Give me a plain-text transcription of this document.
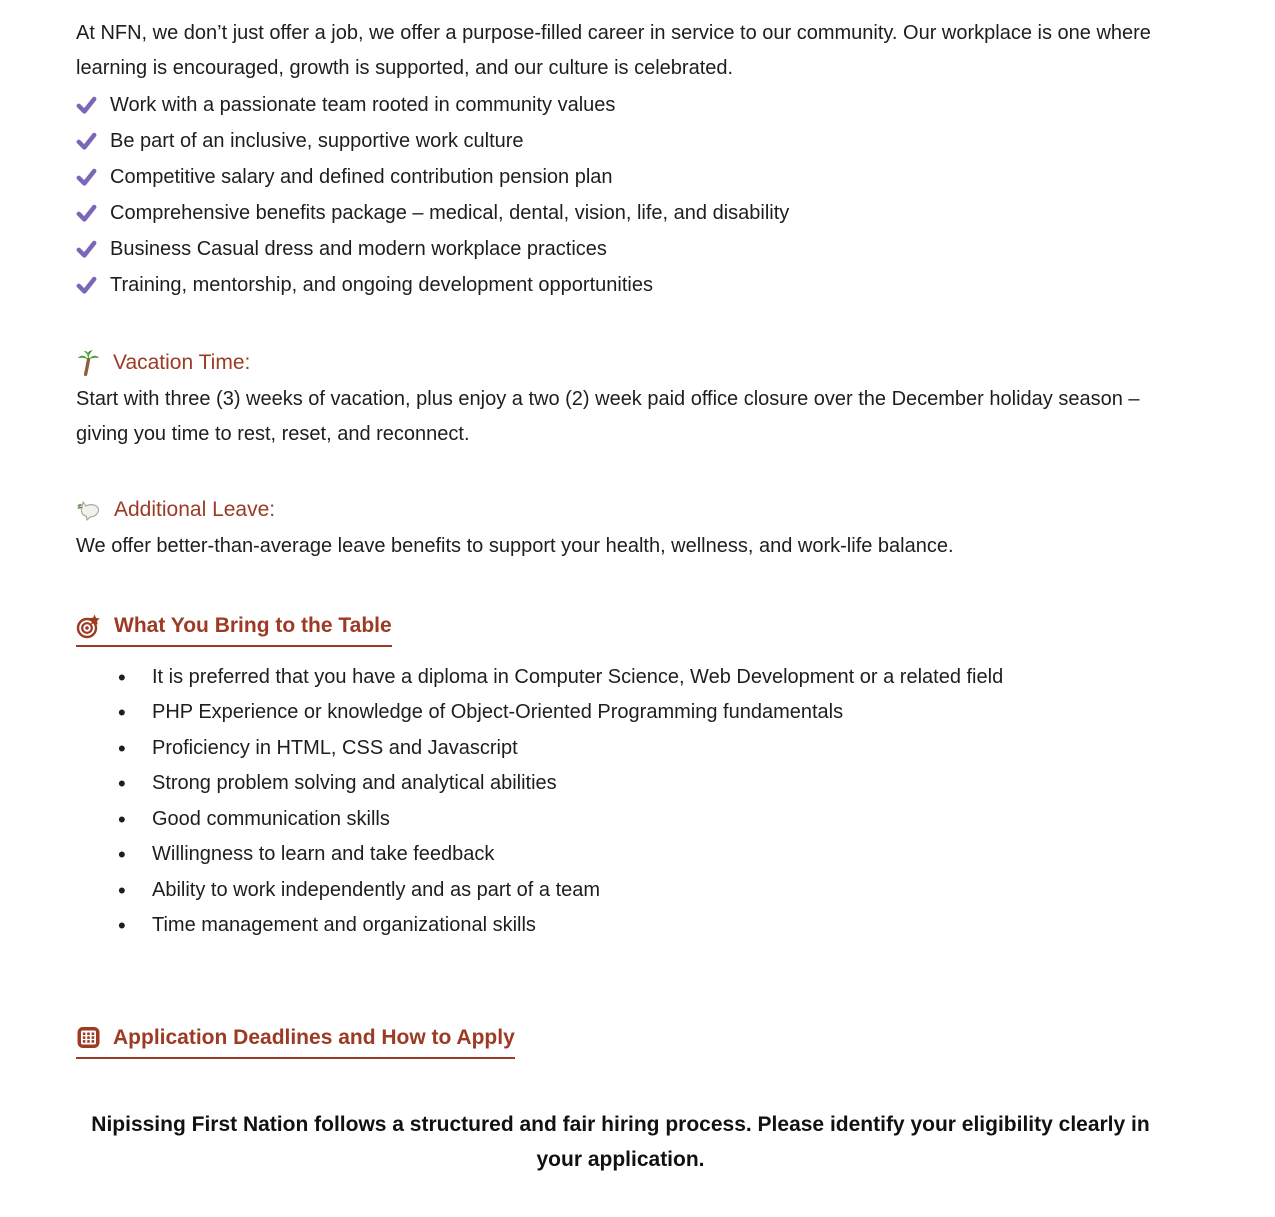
At NFN, we don’t just offer a job, we offer a purpose-filled career in service to our community. Our workplace is one where learning is encouraged, growth is supported, and our culture is celebrated.

Work with a passionate team rooted in community values
Be part of an inclusive, supportive work culture
Competitive salary and defined contribution pension plan
Comprehensive benefits package – medical, dental, vision, life, and disability
Business Casual dress and modern workplace practices
Training, mentorship, and ongoing development opportunities
Vacation Time:

Start with three (3) weeks of vacation, plus enjoy a two (2) week paid office closure over the December holiday season – giving you time to rest, reset, and reconnect.

Additional Leave:

We offer better-than-average leave benefits to support your health, wellness, and work-life balance.

What You Bring to the Table
• It is preferred that you have a diploma in Computer Science, Web Development or a related field
• PHP Experience or knowledge of Object-Oriented Programming fundamentals
• Proficiency in HTML, CSS and Javascript
• Strong problem solving and analytical abilities
• Good communication skills
• Willingness to learn and take feedback
• Ability to work independently and as part of a team
• Time management and organizational skills
Application Deadlines and How to Apply

Nipissing First Nation follows a structured and fair hiring process. Please identify your eligibility clearly in your application.
